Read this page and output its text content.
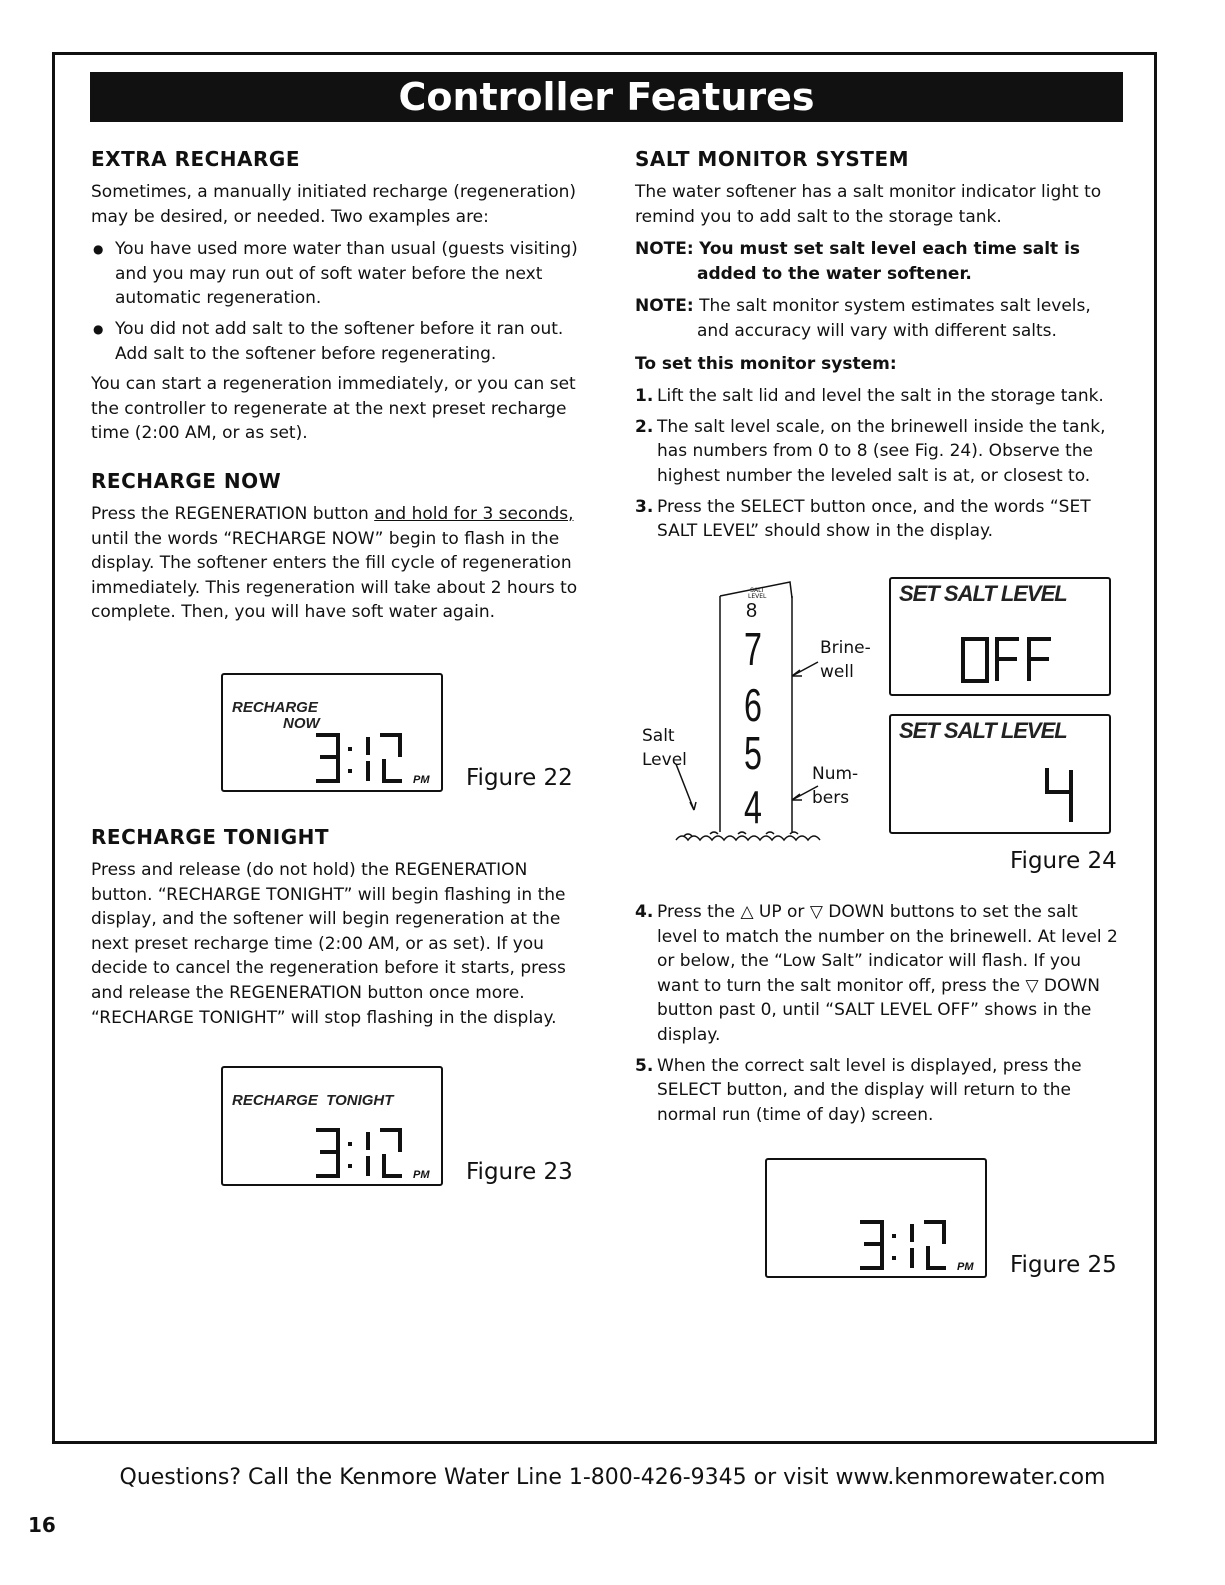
Controller Features
EXTRA RECHARGE

Sometimes, a manually initiated recharge (regeneration) may be desired, or needed. Two examples are:

● You have used more water than usual (guests visiting) and you may run out of soft water before the next automatic regeneration.
● You did not add salt to the softener before it ran out. Add salt to the softener before regenerating.

You can start a regeneration immediately, or you can set the controller to regenerate at the next preset recharge time (2:00 AM, or as set).

RECHARGE NOW

Press the REGENERATION button and hold for 3 seconds, until the words “RECHARGE NOW” begin to flash in the display. The softener enters the fill cycle of regeneration immediately. This regeneration will take about 2 hours to complete. Then, you will have soft water again.

RECHARGE
NOW
PM Figure 22
RECHARGE TONIGHT

Press and release (do not hold) the REGENERATION button. “RECHARGE TONIGHT” will begin flashing in the display, and the softener will begin regeneration at the next preset recharge time (2:00 AM, or as set). If you decide to cancel the regeneration before it starts, press and release the REGENERATION button once more. “RECHARGE TONIGHT” will stop flashing in the display.

RECHARGE  TONIGHT
PM Figure 23
SALT MONITOR SYSTEM

The water softener has a salt monitor indicator light to remind you to add salt to the storage tank.

NOTE: You must set salt level each time salt is added to the water softener.

NOTE: The salt monitor system estimates salt levels, and accuracy will vary with different salts.

To set this monitor system:

1. Lift the salt lid and level the salt in the storage tank.
2. The salt level scale, on the brinewell inside the tank, has numbers from 0 to 8 (see Fig. 24). Observe the highest number the leveled salt is at, or closest to.
3. Press the SELECT button once, and the words “SET SALT LEVEL” should show in the display.
SALT
LEVEL
8
7
6
5
4
Brine-
well
Salt
Level
Num-
bers
SET SALT LEVEL
SET SALT LEVEL
Figure 24
4. Press the △ UP or ▽ DOWN buttons to set the salt level to match the number on the brinewell. At level 2 or below, the “Low Salt” indicator will flash. If you want to turn the salt monitor off, press the ▽ DOWN button past 0, until “SALT LEVEL OFF” shows in the display.
5. When the correct salt level is displayed, press the SELECT button, and the display will return to the normal run (time of day) screen.
PM Figure 25
Questions? Call the Kenmore Water Line 1-800-426-9345 or visit www.kenmorewater.com
16
